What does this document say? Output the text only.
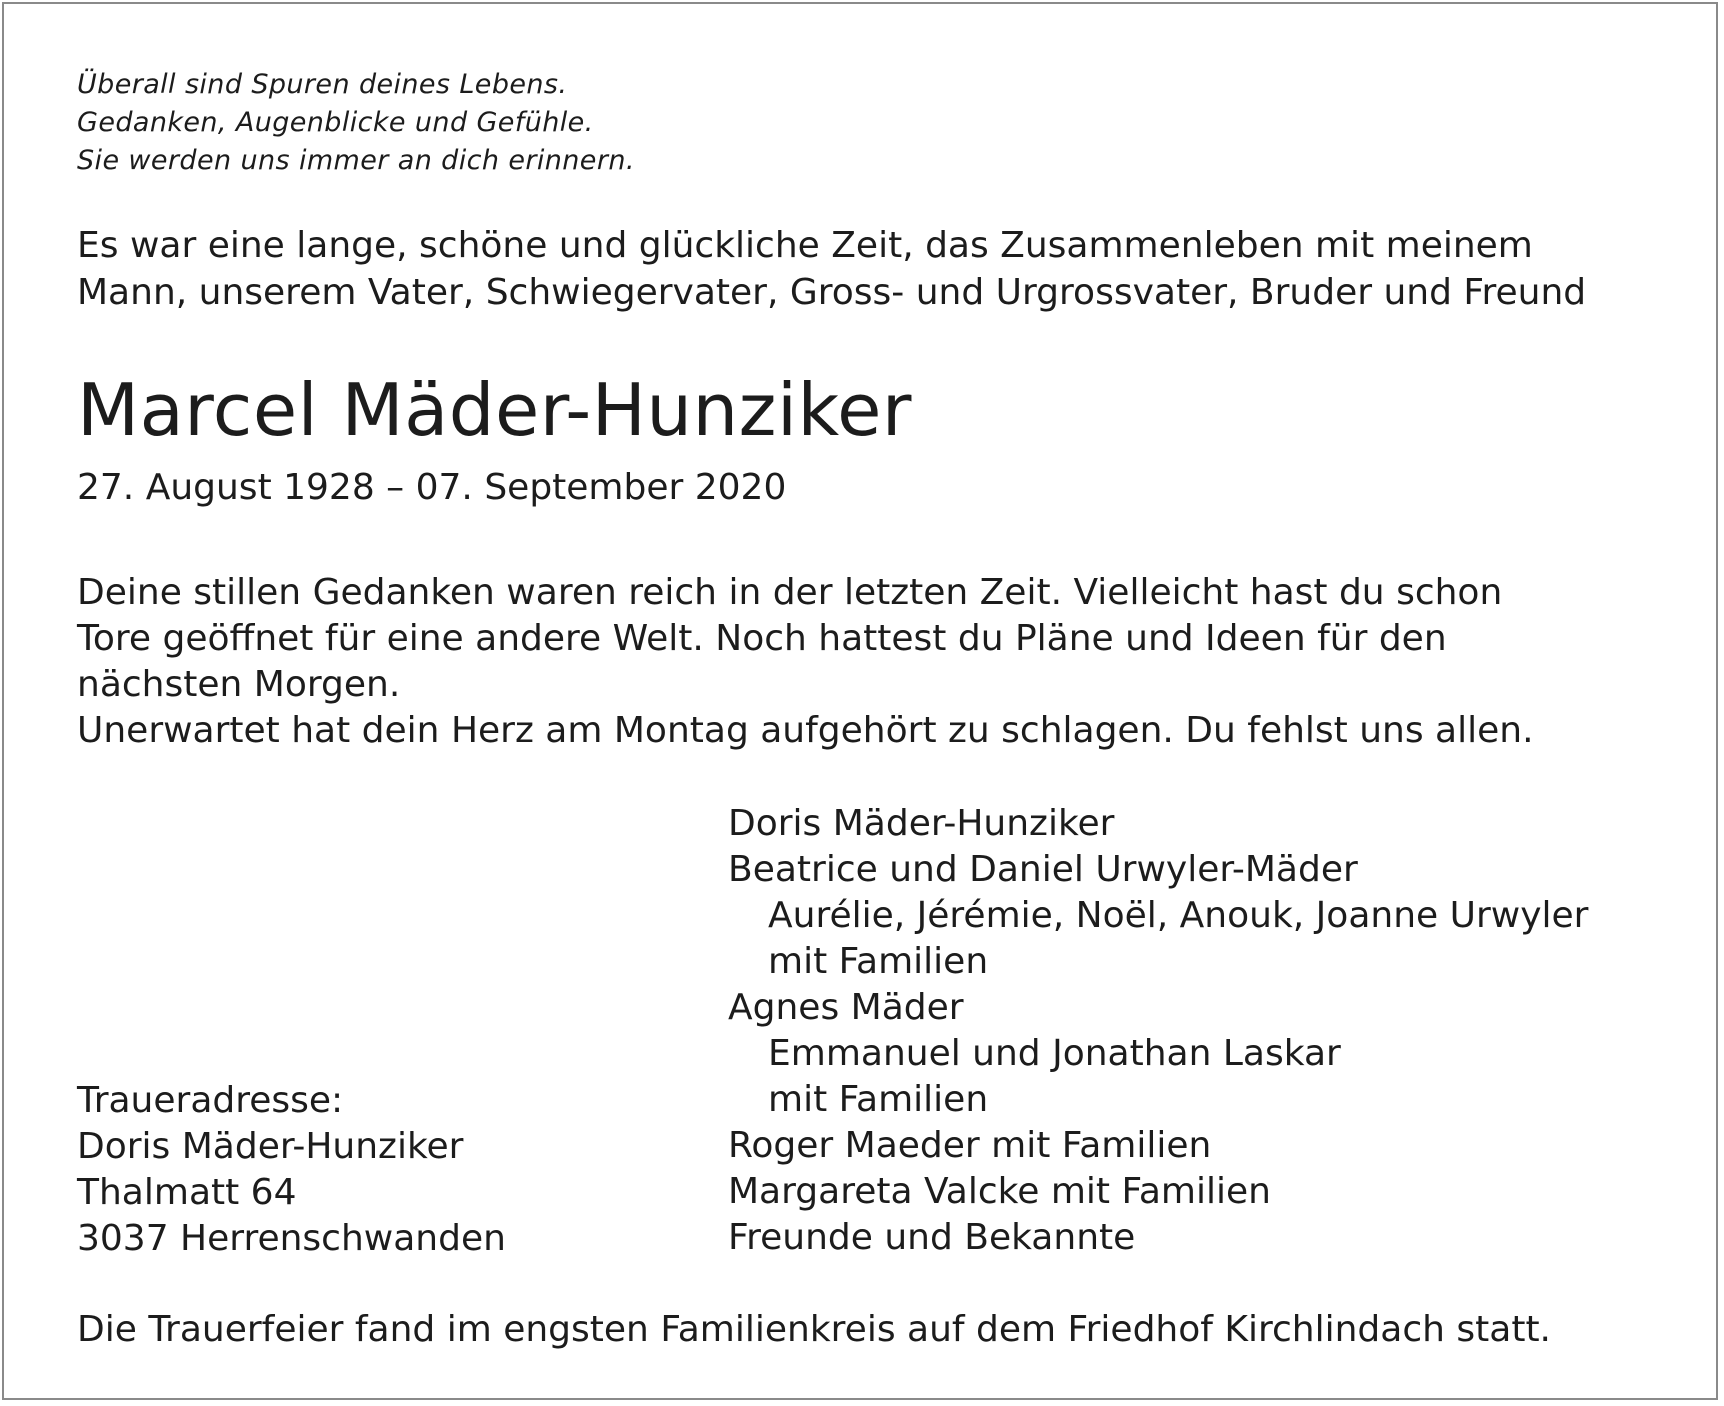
Überall sind Spuren deines Lebens.
Gedanken, Augenblicke und Gefühle.
Sie werden uns immer an dich erinnern.
Es war eine lange, schöne und glückliche Zeit, das Zusammenleben mit meinem
Mann, unserem Vater, Schwiegervater, Gross- und Urgrossvater, Bruder und Freund
Marcel Mäder-Hunziker
27. August 1928 – 07. September 2020
Deine stillen Gedanken waren reich in der letzten Zeit. Vielleicht hast du schon
Tore geöffnet für eine andere Welt. Noch hattest du Pläne und Ideen für den
nächsten Morgen.
Unerwartet hat dein Herz am Montag aufgehört zu schlagen. Du fehlst uns allen.
Doris Mäder-Hunziker
Beatrice und Daniel Urwyler-Mäder
Aurélie, Jérémie, Noël, Anouk, Joanne Urwyler
mit Familien
Agnes Mäder
Emmanuel und Jonathan Laskar
mit Familien
Roger Maeder mit Familien
Margareta Valcke mit Familien
Freunde und Bekannte
Traueradresse:
Doris Mäder-Hunziker
Thalmatt 64
3037 Herrenschwanden
Die Trauerfeier fand im engsten Familienkreis auf dem Friedhof Kirchlindach statt.
